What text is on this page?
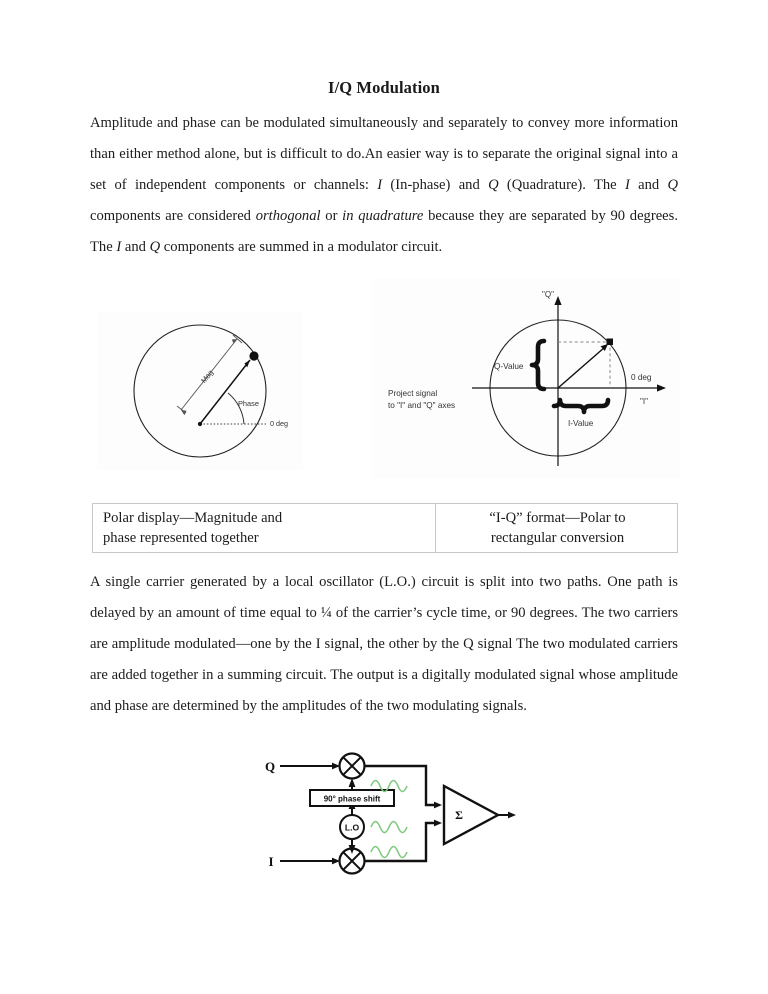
I/Q Modulation
Amplitude and phase can be modulated simultaneously and separately to convey more information than either method alone, but is difficult to do.An easier way is to separate the original signal into a set of independent components or channels: I (In-phase) and Q (Quadrature). The I and Q components are considered orthogonal or in quadrature because they are separated by 90 degrees. The I and Q components are summed in a modulator circuit.
Mag
Phase
0 deg
Q-Value
I-Value
"Q"
"I"
0 deg
Project signal
to "I" and "Q" axes
Polar display—Magnitude and
phase represented together

“I-Q” format—Polar to
rectangular conversion
A single carrier generated by a local oscillator (L.O.) circuit is split into two paths. One path is delayed by an amount of time equal to ¼ of the carrier’s cycle time, or 90 degrees. The two carriers are amplitude modulated—one by the I signal, the other by the Q signal The two modulated carriers are added together in a summing circuit. The output is a digitally modulated signal whose amplitude and phase are determined by the amplitudes of the two modulating signals.
90° phase shift
L.O
Σ
Q
I
